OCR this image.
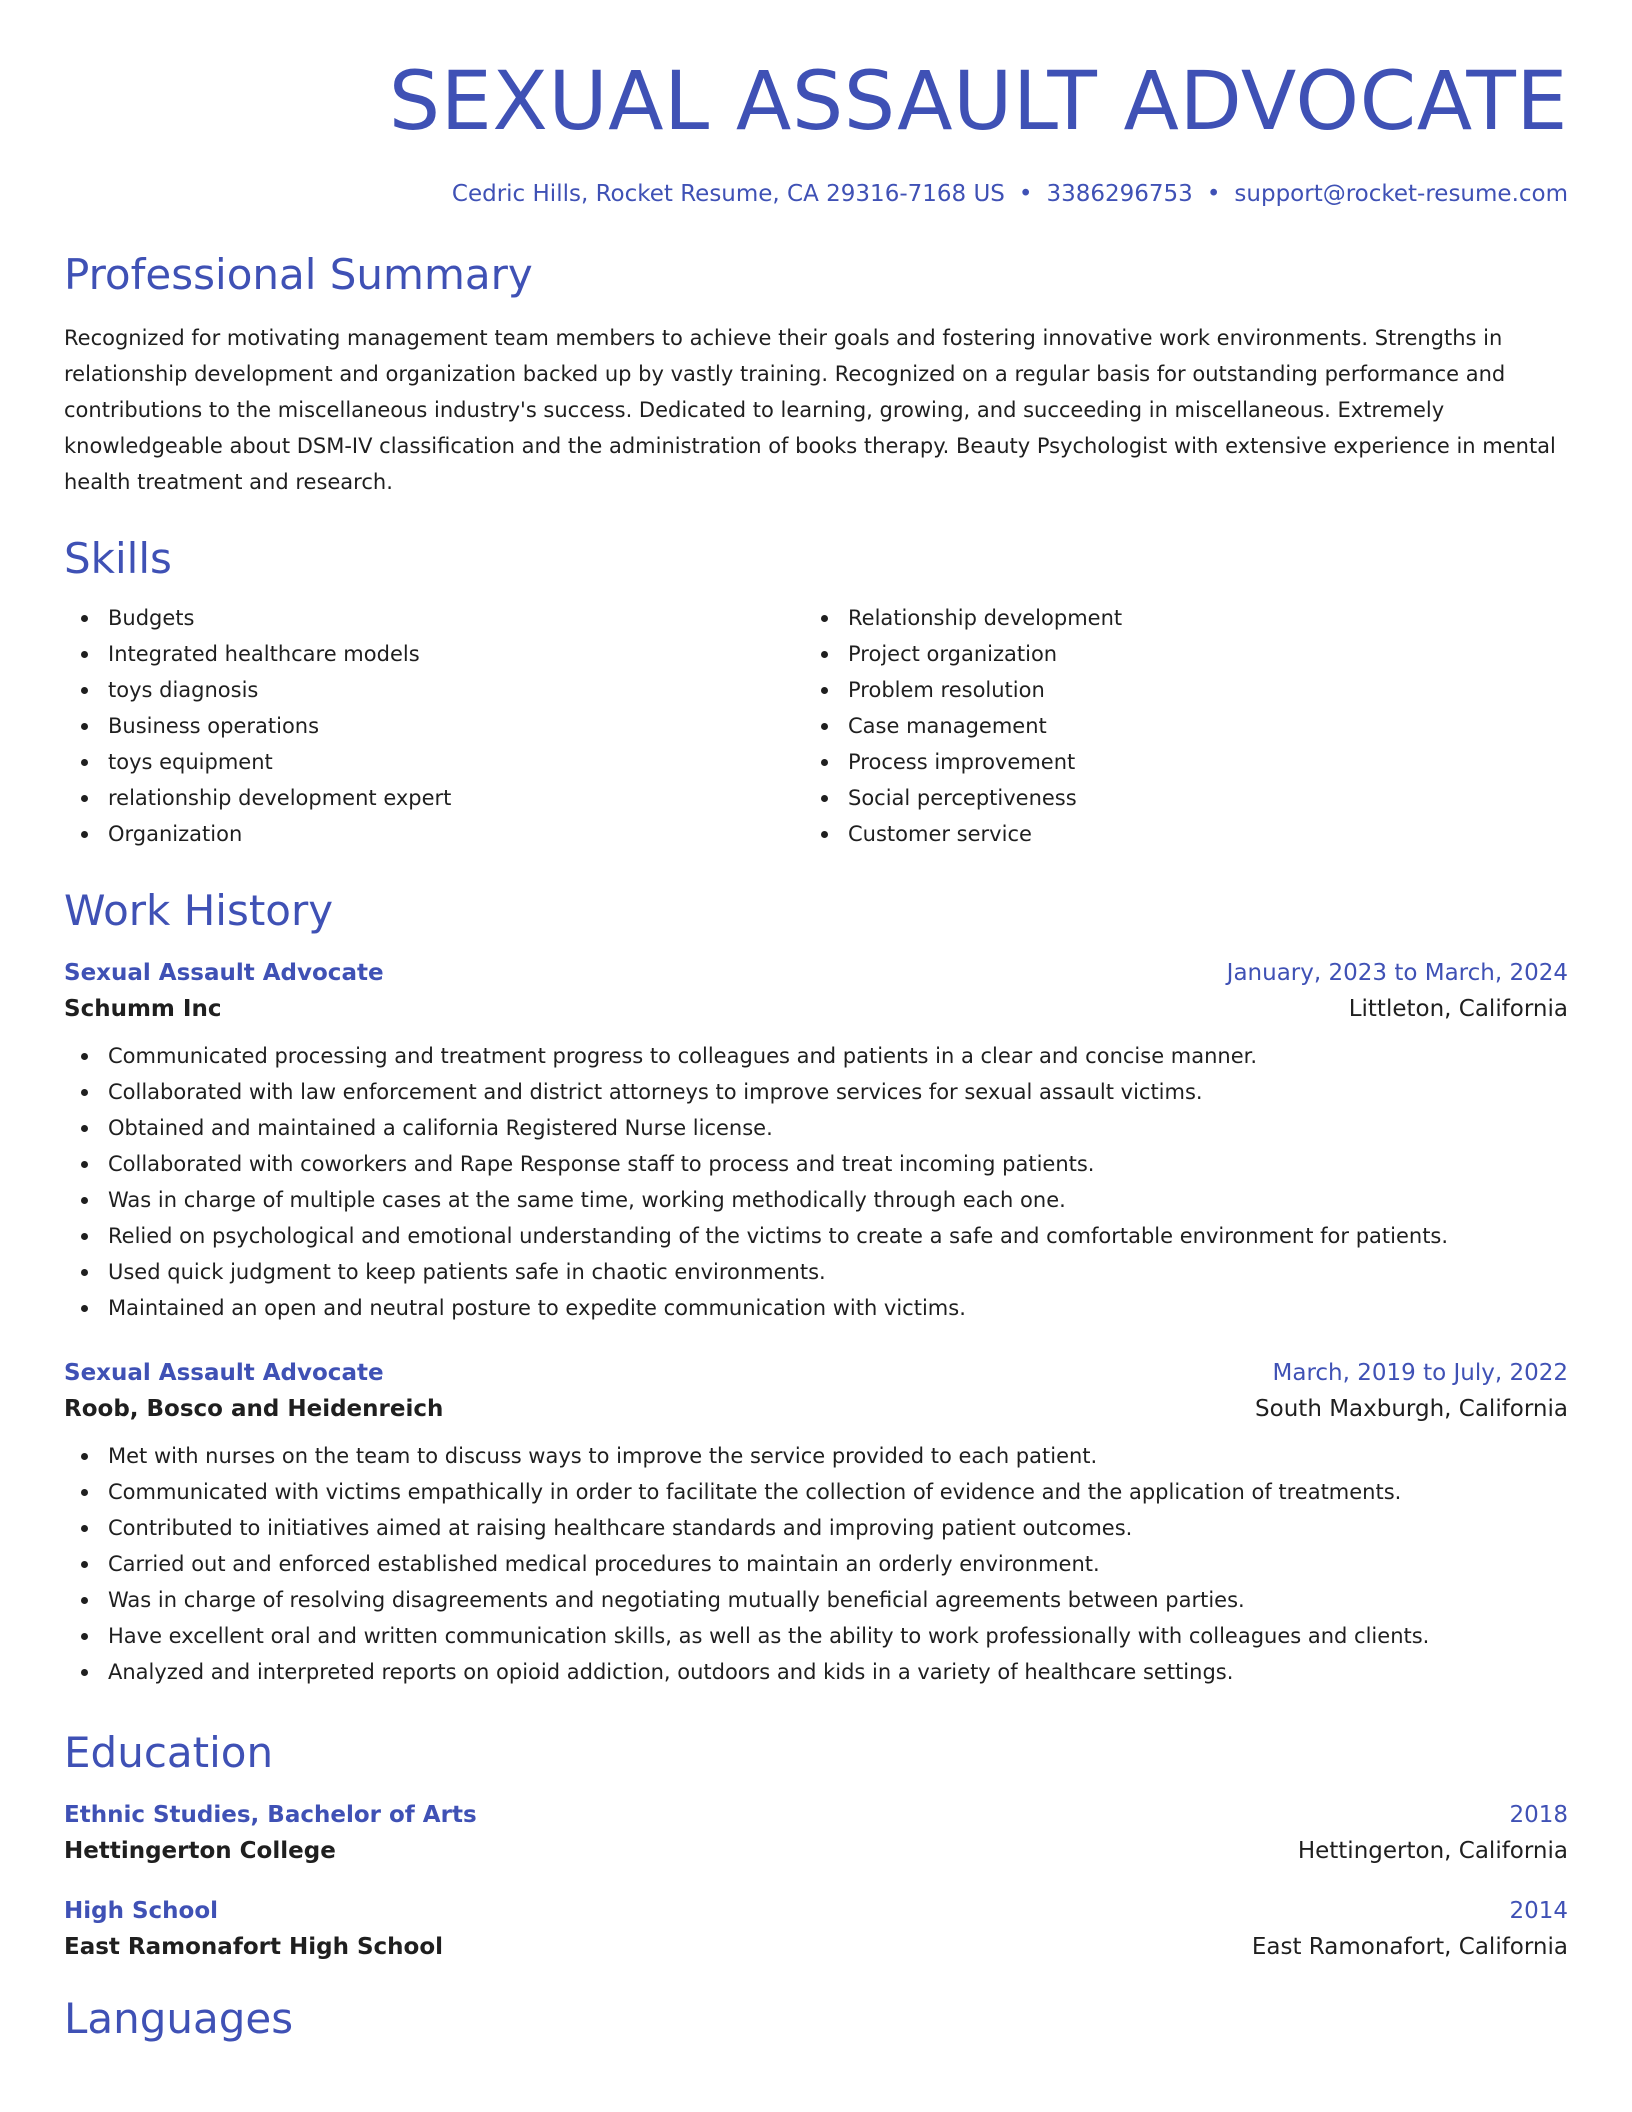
SEXUAL ASSAULT ADVOCATE
Cedric Hills, Rocket Resume, CA 29316-7168 US • 3386296753 • support@rocket-resume.com
Professional Summary
Recognized for motivating management team members to achieve their goals and fostering innovative work environments. Strengths in relationship development and organization backed up by vastly training. Recognized on a regular basis for outstanding performance and contributions to the miscellaneous industry's success. Dedicated to learning, growing, and succeeding in miscellaneous. Extremely knowledgeable about DSM-IV classification and the administration of books therapy. Beauty Psychologist with extensive experience in mental health treatment and research.
Skills
Budgets
Integrated healthcare models
toys diagnosis
Business operations
toys equipment
relationship development expert
Organization
Relationship development
Project organization
Problem resolution
Case management
Process improvement
Social perceptiveness
Customer service
Work History
Sexual Assault Advocate	January, 2023 to March, 2024
Schumm Inc	Littleton, California
Communicated processing and treatment progress to colleagues and patients in a clear and concise manner.
Collaborated with law enforcement and district attorneys to improve services for sexual assault victims.
Obtained and maintained a california Registered Nurse license.
Collaborated with coworkers and Rape Response staff to process and treat incoming patients.
Was in charge of multiple cases at the same time, working methodically through each one.
Relied on psychological and emotional understanding of the victims to create a safe and comfortable environment for patients.
Used quick judgment to keep patients safe in chaotic environments.
Maintained an open and neutral posture to expedite communication with victims.
Sexual Assault Advocate	March, 2019 to July, 2022
Roob, Bosco and Heidenreich	South Maxburgh, California
Met with nurses on the team to discuss ways to improve the service provided to each patient.
Communicated with victims empathically in order to facilitate the collection of evidence and the application of treatments.
Contributed to initiatives aimed at raising healthcare standards and improving patient outcomes.
Carried out and enforced established medical procedures to maintain an orderly environment.
Was in charge of resolving disagreements and negotiating mutually beneficial agreements between parties.
Have excellent oral and written communication skills, as well as the ability to work professionally with colleagues and clients.
Analyzed and interpreted reports on opioid addiction, outdoors and kids in a variety of healthcare settings.
Education
Ethnic Studies, Bachelor of Arts	2018
Hettingerton College	Hettingerton, California
High School	2014
East Ramonafort High School	East Ramonafort, California
Languages
